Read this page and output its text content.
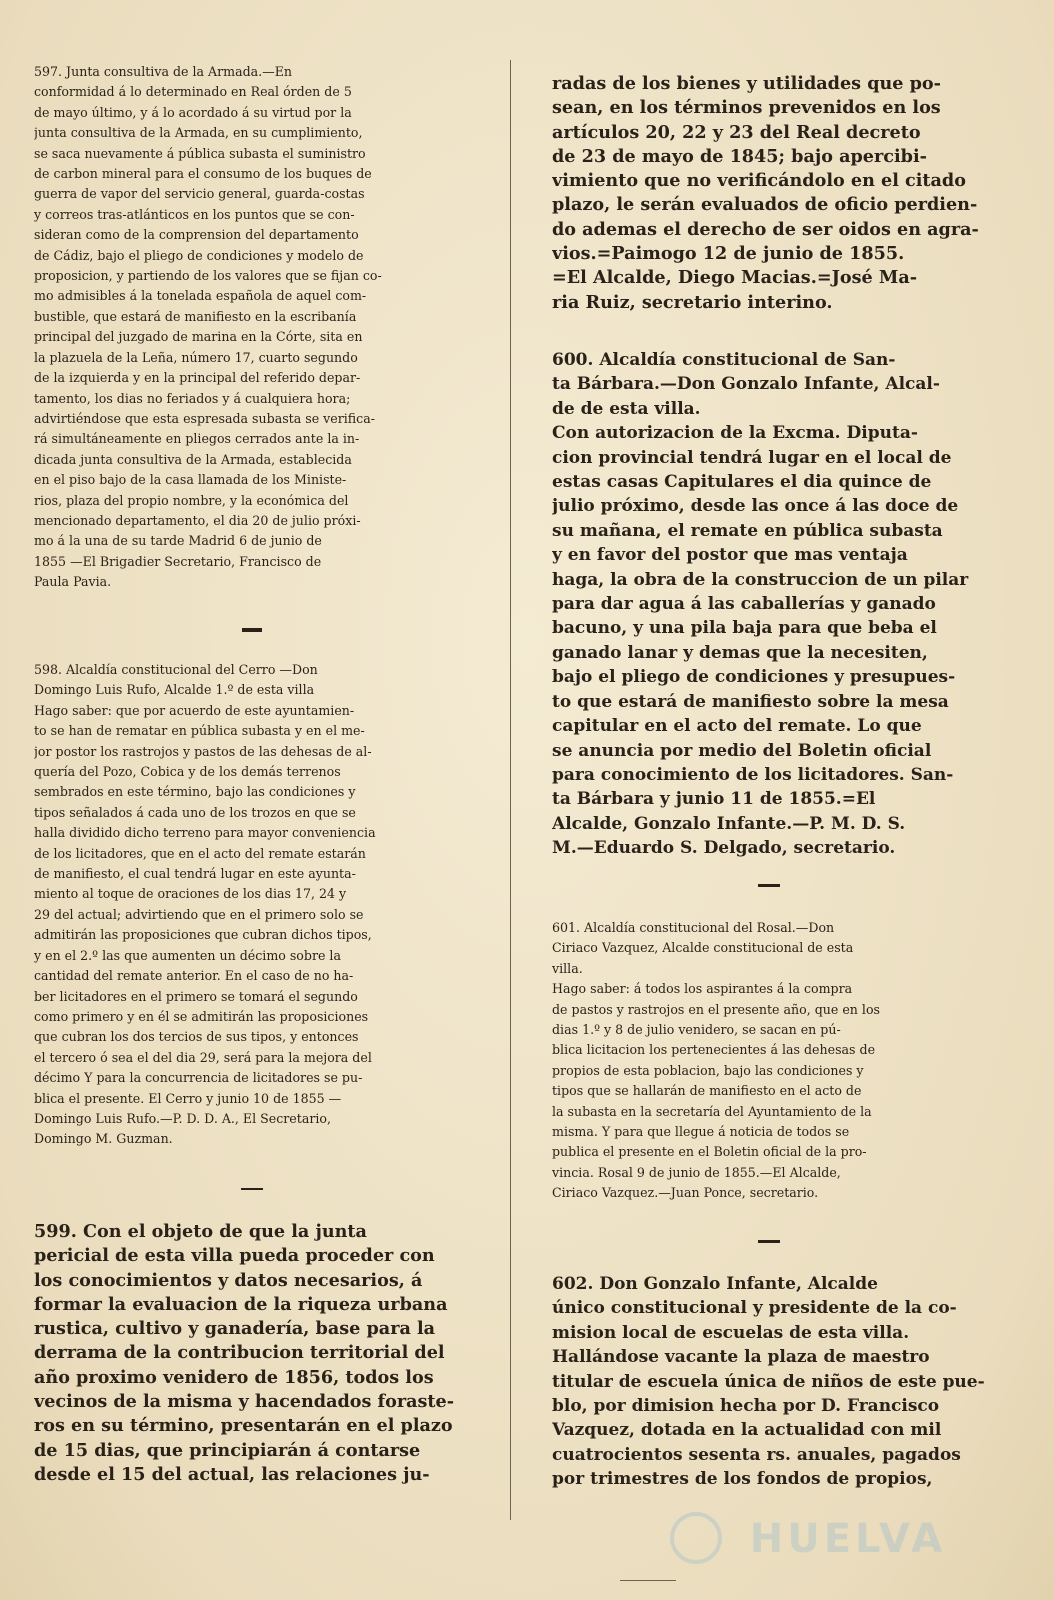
597. Junta consultiva de la Armada.—En
conformidad á lo determinado en Real órden de 5
de mayo último, y á lo acordado á su virtud por la
junta consultiva de la Armada, en su cumplimiento,
se saca nuevamente á pública subasta el suministro
de carbon mineral para el consumo de los buques de
guerra de vapor del servicio general, guarda-costas
y correos tras-atlánticos en los puntos que se con-
sideran como de la comprension del departamento
de Cádiz, bajo el pliego de condiciones y modelo de
proposicion, y partiendo de los valores que se fijan co-
mo admisibles á la tonelada española de aquel com-
bustible, que estará de manifiesto en la escribanía
principal del juzgado de marina en la Córte, sita en
la plazuela de la Leña, número 17, cuarto segundo
de la izquierda y en la principal del referido depar-
tamento, los dias no feriados y á cualquiera hora;
advirtiéndose que esta espresada subasta se verifica-
rá simultáneamente en pliegos cerrados ante la in-
dicada junta consultiva de la Armada, establecida
en el piso bajo de la casa llamada de los Ministe-
rios, plaza del propio nombre, y la económica del
mencionado departamento, el dia 20 de julio próxi-
mo á la una de su tarde Madrid 6 de junio de
1855 —El Brigadier Secretario, Francisco de
Paula Pavia.
598. Alcaldía constitucional del Cerro —Don
Domingo Luis Rufo, Alcalde 1.º de esta villa
Hago saber: que por acuerdo de este ayuntamien-
to se han de rematar en pública subasta y en el me-
jor postor los rastrojos y pastos de las dehesas de al-
quería del Pozo, Cobica y de los demás terrenos
sembrados en este término, bajo las condiciones y
tipos señalados á cada uno de los trozos en que se
halla dividido dicho terreno para mayor conveniencia
de los licitadores, que en el acto del remate estarán
de manifiesto, el cual tendrá lugar en este ayunta-
miento al toque de oraciones de los dias 17, 24 y
29 del actual; advirtiendo que en el primero solo se
admitirán las proposiciones que cubran dichos tipos,
y en el 2.º las que aumenten un décimo sobre la
cantidad del remate anterior. En el caso de no ha-
ber licitadores en el primero se tomará el segundo
como primero y en él se admitirán las proposiciones
que cubran los dos tercios de sus tipos, y entonces
el tercero ó sea el del dia 29, será para la mejora del
décimo Y para la concurrencia de licitadores se pu-
blica el presente. El Cerro y junio 10 de 1855 —
Domingo Luis Rufo.—P. D. D. A., El Secretario,
Domingo M. Guzman.
599. Con el objeto de que la junta
pericial de esta villa pueda proceder con
los conocimientos y datos necesarios, á
formar la evaluacion de la riqueza urbana
rustica, cultivo y ganadería, base para la
derrama de la contribucion territorial del
año proximo venidero de 1856, todos los
vecinos de la misma y hacendados foraste-
ros en su término, presentarán en el plazo
de 15 dias, que principiarán á contarse
desde el 15 del actual, las relaciones ju-
radas de los bienes y utilidades que po-
sean, en los términos prevenidos en los
artículos 20, 22 y 23 del Real decreto
de 23 de mayo de 1845; bajo apercibi-
vimiento que no verificándolo en el citado
plazo, le serán evaluados de oficio perdien-
do ademas el derecho de ser oidos en agra-
vios.=Paimogo 12 de junio de 1855.
=El Alcalde, Diego Macias.=José Ma-
ria Ruiz, secretario interino.
600. Alcaldía constitucional de San-
ta Bárbara.—Don Gonzalo Infante, Alcal-
de de esta villa.
Con autorizacion de la Excma. Diputa-
cion provincial tendrá lugar en el local de
estas casas Capitulares el dia quince de
julio próximo, desde las once á las doce de
su mañana, el remate en pública subasta
y en favor del postor que mas ventaja
haga, la obra de la construccion de un pilar
para dar agua á las caballerías y ganado
bacuno, y una pila baja para que beba el
ganado lanar y demas que la necesiten,
bajo el pliego de condiciones y presupues-
to que estará de manifiesto sobre la mesa
capitular en el acto del remate. Lo que
se anuncia por medio del Boletin oficial
para conocimiento de los licitadores. San-
ta Bárbara y junio 11 de 1855.=El
Alcalde, Gonzalo Infante.—P. M. D. S.
M.—Eduardo S. Delgado, secretario.
601. Alcaldía constitucional del Rosal.—Don
Ciriaco Vazquez, Alcalde constitucional de esta
villa.
Hago saber: á todos los aspirantes á la compra
de pastos y rastrojos en el presente año, que en los
dias 1.º y 8 de julio venidero, se sacan en pú-
blica licitacion los pertenecientes á las dehesas de
propios de esta poblacion, bajo las condiciones y
tipos que se hallarán de manifiesto en el acto de
la subasta en la secretaría del Ayuntamiento de la
misma. Y para que llegue á noticia de todos se
publica el presente en el Boletin oficial de la pro-
vincia. Rosal 9 de junio de 1855.—El Alcalde,
Ciriaco Vazquez.—Juan Ponce, secretario.
602. Don Gonzalo Infante, Alcalde
único constitucional y presidente de la co-
mision local de escuelas de esta villa.
Hallándose vacante la plaza de maestro
titular de escuela única de niños de este pue-
blo, por dimision hecha por D. Francisco
Vazquez, dotada en la actualidad con mil
cuatrocientos sesenta rs. anuales, pagados
por trimestres de los fondos de propios,
HUELVA
